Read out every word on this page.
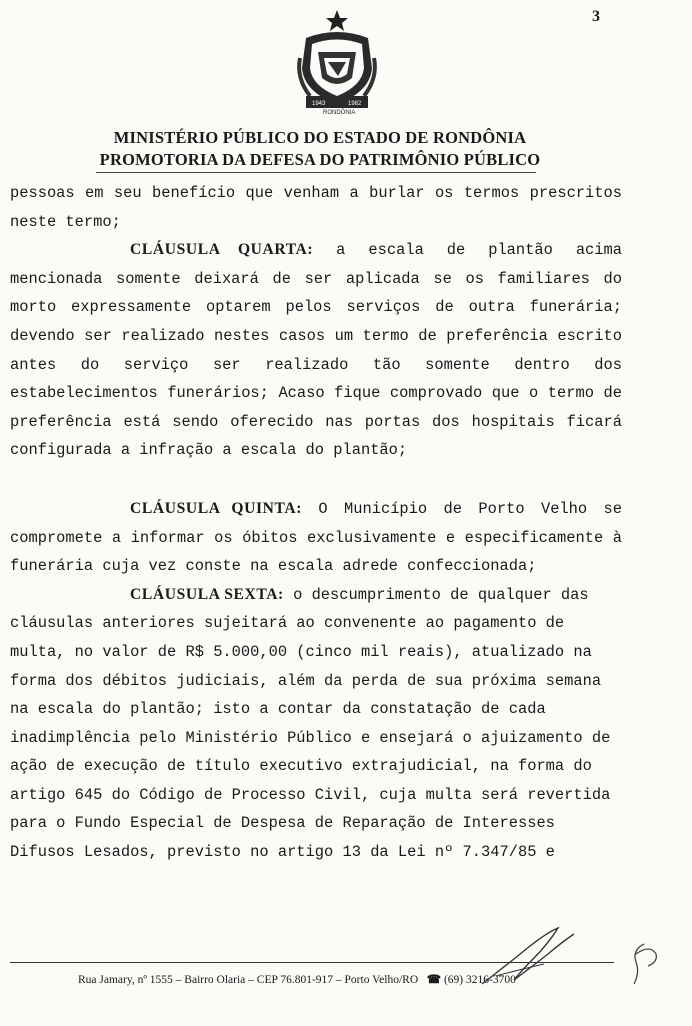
3
1943	1982
RONDÔNIA
MINISTÉRIO PÚBLICO DO ESTADO DE RONDÔNIA
PROMOTORIA DA DEFESA DO PATRIMÔNIO PÚBLICO

pessoas em seu benefício que venham a burlar os termos prescritos neste termo;

CLÁUSULA QUARTA: a escala de plantão acima mencionada somente deixará de ser aplicada se os familiares do morto expressamente optarem pelos serviços de outra funerária; devendo ser realizado nestes casos um termo de preferência escrito antes do serviço ser realizado tão somente dentro dos estabelecimentos funerários; Acaso fique comprovado que o termo de preferência está sendo oferecido nas portas dos hospitais ficará configurada a infração a escala do plantão;

CLÁUSULA QUINTA: O Município de Porto Velho se compromete a informar os óbitos exclusivamente e especificamente à funerária cuja vez conste na escala adrede confeccionada;

CLÁUSULA SEXTA: o descumprimento de qualquer das cláusulas anteriores sujeitará ao convenente ao pagamento de multa, no valor de R$ 5.000,00 (cinco mil reais), atualizado na forma dos débitos judiciais, além da perda de sua próxima semana na escala do plantão; isto a contar da constatação de cada inadimplência pelo Ministério Público e ensejará o ajuizamento de ação de execução de título executivo extrajudicial, na forma do artigo 645 do Código de Processo Civil, cuja multa será revertida para o Fundo Especial de Despesa de Reparação de Interesses Difusos Lesados, previsto no artigo 13 da Lei nº 7.347/85 e

Rua Jamary, nº 1555 – Bairro Olaria – CEP 76.801-917 – Porto Velho/RO   ☎ (69) 3216-3700
